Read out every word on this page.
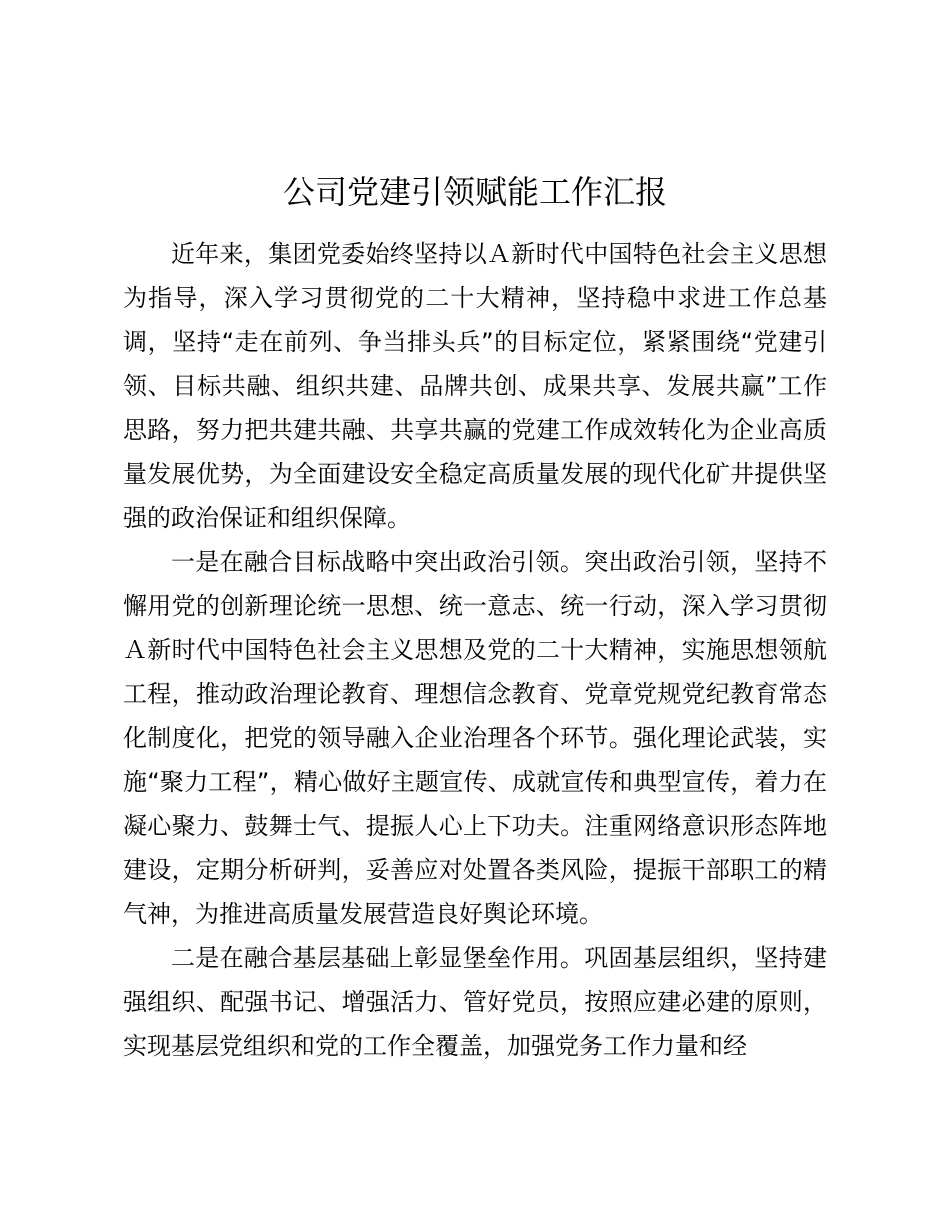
公司党建引领赋能工作汇报

近年来，集团党委始终坚持以Ａ新时代中国特色社会主义思想为指导，深入学习贯彻党的二十大精神，坚持稳中求进工作总基调，坚持“走在前列、争当排头兵”的目标定位，紧紧围绕“党建引领、目标共融、组织共建、品牌共创、成果共享、发展共赢”工作思路，努力把共建共融、共享共赢的党建工作成效转化为企业高质量发展优势，为全面建设安全稳定高质量发展的现代化矿井提供坚强的政治保证和组织保障。

一是在融合目标战略中突出政治引领。突出政治引领，坚持不懈用党的创新理论统一思想、统一意志、统一行动，深入学习贯彻Ａ新时代中国特色社会主义思想及党的二十大精神，实施思想领航工程，推动政治理论教育、理想信念教育、党章党规党纪教育常态化制度化，把党的领导融入企业治理各个环节。强化理论武装，实施“聚力工程”，精心做好主题宣传、成就宣传和典型宣传，着力在凝心聚力、鼓舞士气、提振人心上下功夫。注重网络意识形态阵地建设，定期分析研判，妥善应对处置各类风险，提振干部职工的精气神，为推进高质量发展营造良好舆论环境。

二是在融合基层基础上彰显堡垒作用。巩固基层组织，坚持建强组织、配强书记、增强活力、管好党员，按照应建必建的原则，实现基层党组织和党的工作全覆盖，加强党务工作力量和经
